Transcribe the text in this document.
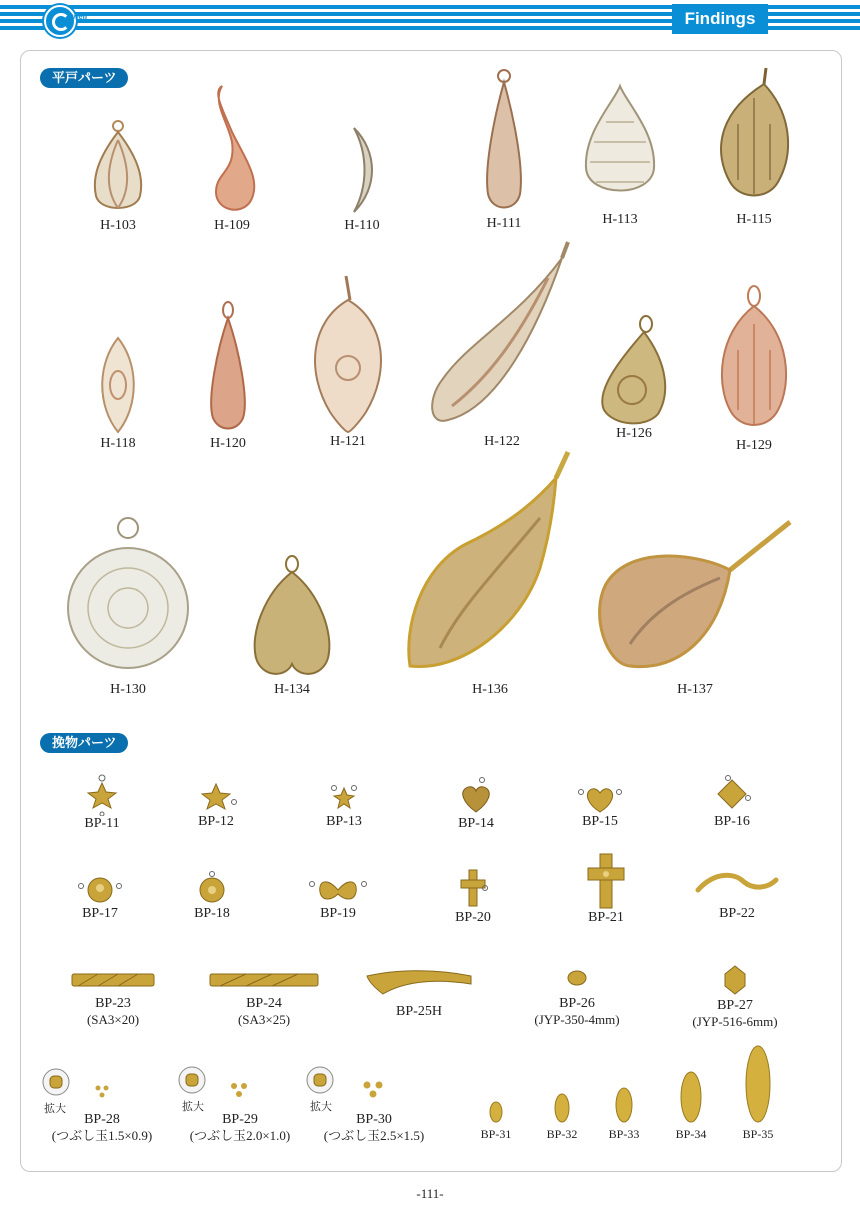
well	Findings
平戸パーツ
H-103	H-109	H-110	H-111	H-113	H-115
H-118	H-120	H-121	H-122
H-126
H-129
H-130	H-134	H-136	H-137
挽物パーツ
BP-11	BP-12	BP-13	BP-14	BP-15	BP-16
BP-17	BP-18	BP-19	BP-20	BP-21	BP-22
BP-23
(SA3×20)
BP-24
(SA3×25)
BP-25H
BP-26
(JYP-350-4mm)
BP-27
(JYP-516-6mm)
拡大
BP-28
(つぶし玉1.5×0.9)
拡大
BP-29
(つぶし玉2.0×1.0)
拡大
BP-30
(つぶし玉2.5×1.5)	BP-31	BP-32	BP-33	BP-34	BP-35
-111-
